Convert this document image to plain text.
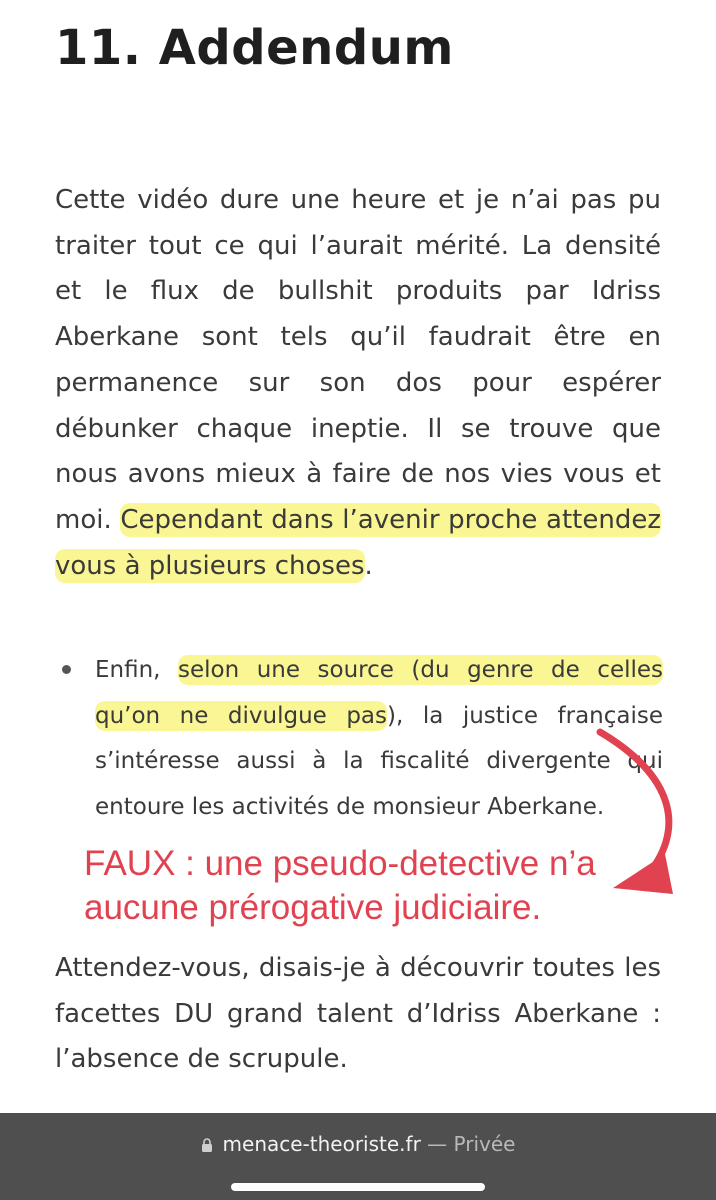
11. Addendum

Cette vidéo dure une heure et je n’ai pas pu traiter tout ce qui l’aurait mérité. La densité et le flux de bullshit produits par Idriss Aberkane sont tels qu’il faudrait être en permanence sur son dos pour espérer débunker chaque ineptie. Il se trouve que nous avons mieux à faire de nos vies vous et moi. Cependant dans l’avenir proche attendez vous à plusieurs choses.

Enfin, selon une source (du genre de celles qu’on ne divulgue pas), la justice française s’intéresse aussi à la fiscalité divergente qui entoure les activités de monsieur Aberkane.

FAUX : une pseudo-detective n’a
aucune prérogative judiciaire.

Attendez-vous, disais-je à découvrir toutes les facettes DU grand talent d’Idriss Aberkane : l’absence de scrupule.

menace-theoriste.fr — Privée
